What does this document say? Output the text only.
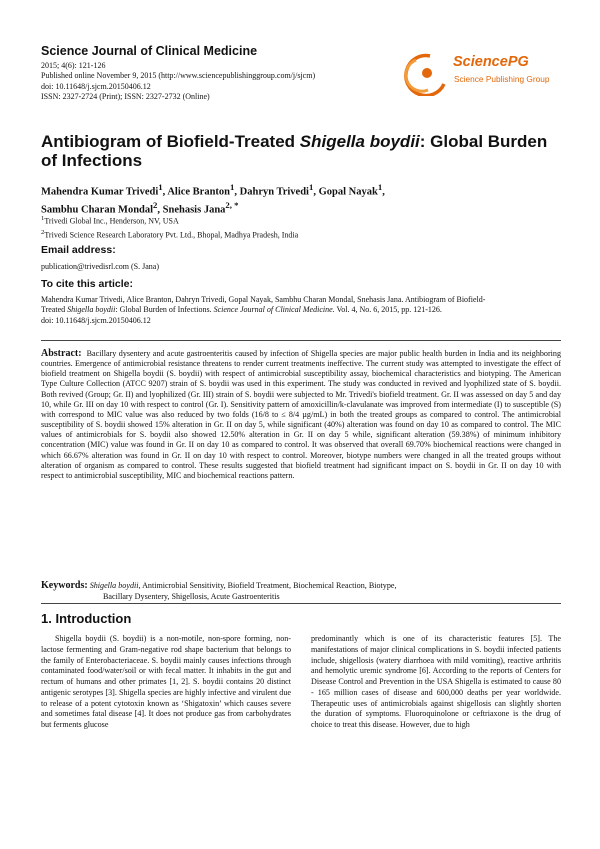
Science Journal of Clinical Medicine
2015; 4(6): 121-126
Published online November 9, 2015 (http://www.sciencepublishinggroup.com/j/sjcm)
doi: 10.11648/j.sjcm.20150406.12
ISSN: 2327-2724 (Print); ISSN: 2327-2732 (Online)
SciencePG
Science Publishing Group
Antibiogram of Biofield-Treated Shigella boydii: Global Burden of Infections
Mahendra Kumar Trivedi$^1$, Alice Branton$^1$, Dahryn Trivedi$^1$, Gopal Nayak$^1$,
Sambhu Charan Mondal$^2$, Snehasis Jana$^{2, *}$
$^1$Trivedi Global Inc., Henderson, NV, USA
$^2$Trivedi Science Research Laboratory Pvt. Ltd., Bhopal, Madhya Pradesh, India
Email address:
publication@trivedisrl.com (S. Jana)
To cite this article:
Mahendra Kumar Trivedi, Alice Branton, Dahryn Trivedi, Gopal Nayak, Sambhu Charan Mondal, Snehasis Jana. Antibiogram of Biofield-
Treated Shigella boydii: Global Burden of Infections. Science Journal of Clinical Medicine. Vol. 4, No. 6, 2015, pp. 121-126.
doi: 10.11648/j.sjcm.20150406.12
Abstract: Bacillary dysentery and acute gastroenteritis caused by infection of Shigella species are major public health burden in India and its neighboring countries. Emergence of antimicrobial resistance threatens to render current treatments ineffective. The current study was attempted to investigate the effect of biofield treatment on Shigella boydii (S. boydii) with respect of antimicrobial susceptibility assay, biochemical characteristics and biotyping. The American Type Culture Collection (ATCC 9207) strain of S. boydii was used in this experiment. The study was conducted in revived and lyophilized state of S. boydii. Both revived (Group; Gr. II) and lyophilized (Gr. III) strain of S. boydii were subjected to Mr. Trivedi's biofield treatment. Gr. II was assessed on day 5 and day 10, while Gr. III on day 10 with respect to control (Gr. I). Sensitivity pattern of amoxicillin/k-clavulanate was improved from intermediate (I) to susceptible (S) with correspond to MIC value was also reduced by two folds (16/8 to ≤ 8/4 µg/mL) in both the treated groups as compared to control. The antimicrobial susceptibility of S. boydii showed 15% alteration in Gr. II on day 5, while significant (40%) alteration was found on day 10 as compared to control. The MIC values of antimicrobials for S. boydii also showed 12.50% alteration in Gr. II on day 5 while, significant alteration (59.38%) of minimum inhibitory concentration (MIC) value was found in Gr. II on day 10 as compared to control. It was observed that overall 69.70% biochemical reactions were changed in which 66.67% alteration was found in Gr. II on day 10 with respect to control. Moreover, biotype numbers were changed in all the treated groups without alteration of organism as compared to control. These results suggested that biofield treatment had significant impact on S. boydii in Gr. II on day 10 with respect to antimicrobial susceptibility, MIC and biochemical reactions pattern.
Keywords: Shigella boydii, Antimicrobial Sensitivity, Biofield Treatment, Biochemical Reaction, Biotype,
Bacillary Dysentery, Shigellosis, Acute Gastroenteritis
1. Introduction

Shigella boydii (S. boydii) is a non-motile, non-spore forming, non-lactose fermenting and Gram-negative rod shape bacterium that belongs to the family of Enterobacteriaceae. S. boydii mainly causes infections through contaminated food/water/soil or with fecal matter. It inhabits in the gut and rectum of humans and other primates [1, 2]. S. boydii contains 20 distinct antigenic serotypes [3]. Shigella species are highly infective and virulent due to release of a potent cytotoxin known as ‘Shigatoxin’ which causes severe and sometimes fatal disease [4]. It does not produce gas from carbohydrates but ferments glucose

predominantly which is one of its characteristic features [5]. The manifestations of major clinical complications in S. boydii infected patients include, shigellosis (watery diarrhoea with mild vomiting), reactive arthritis and hemolytic uremic syndrome [6]. According to the reports of Centers for Disease Control and Prevention in the USA Shigella is estimated to cause 80 - 165 million cases of disease and 600,000 deaths per year worldwide. Therapeutic uses of antimicrobials against shigellosis can slightly shorten the duration of symptoms. Fluoroquinolone or ceftriaxone is the drug of choice to treat this disease. However, due to high
